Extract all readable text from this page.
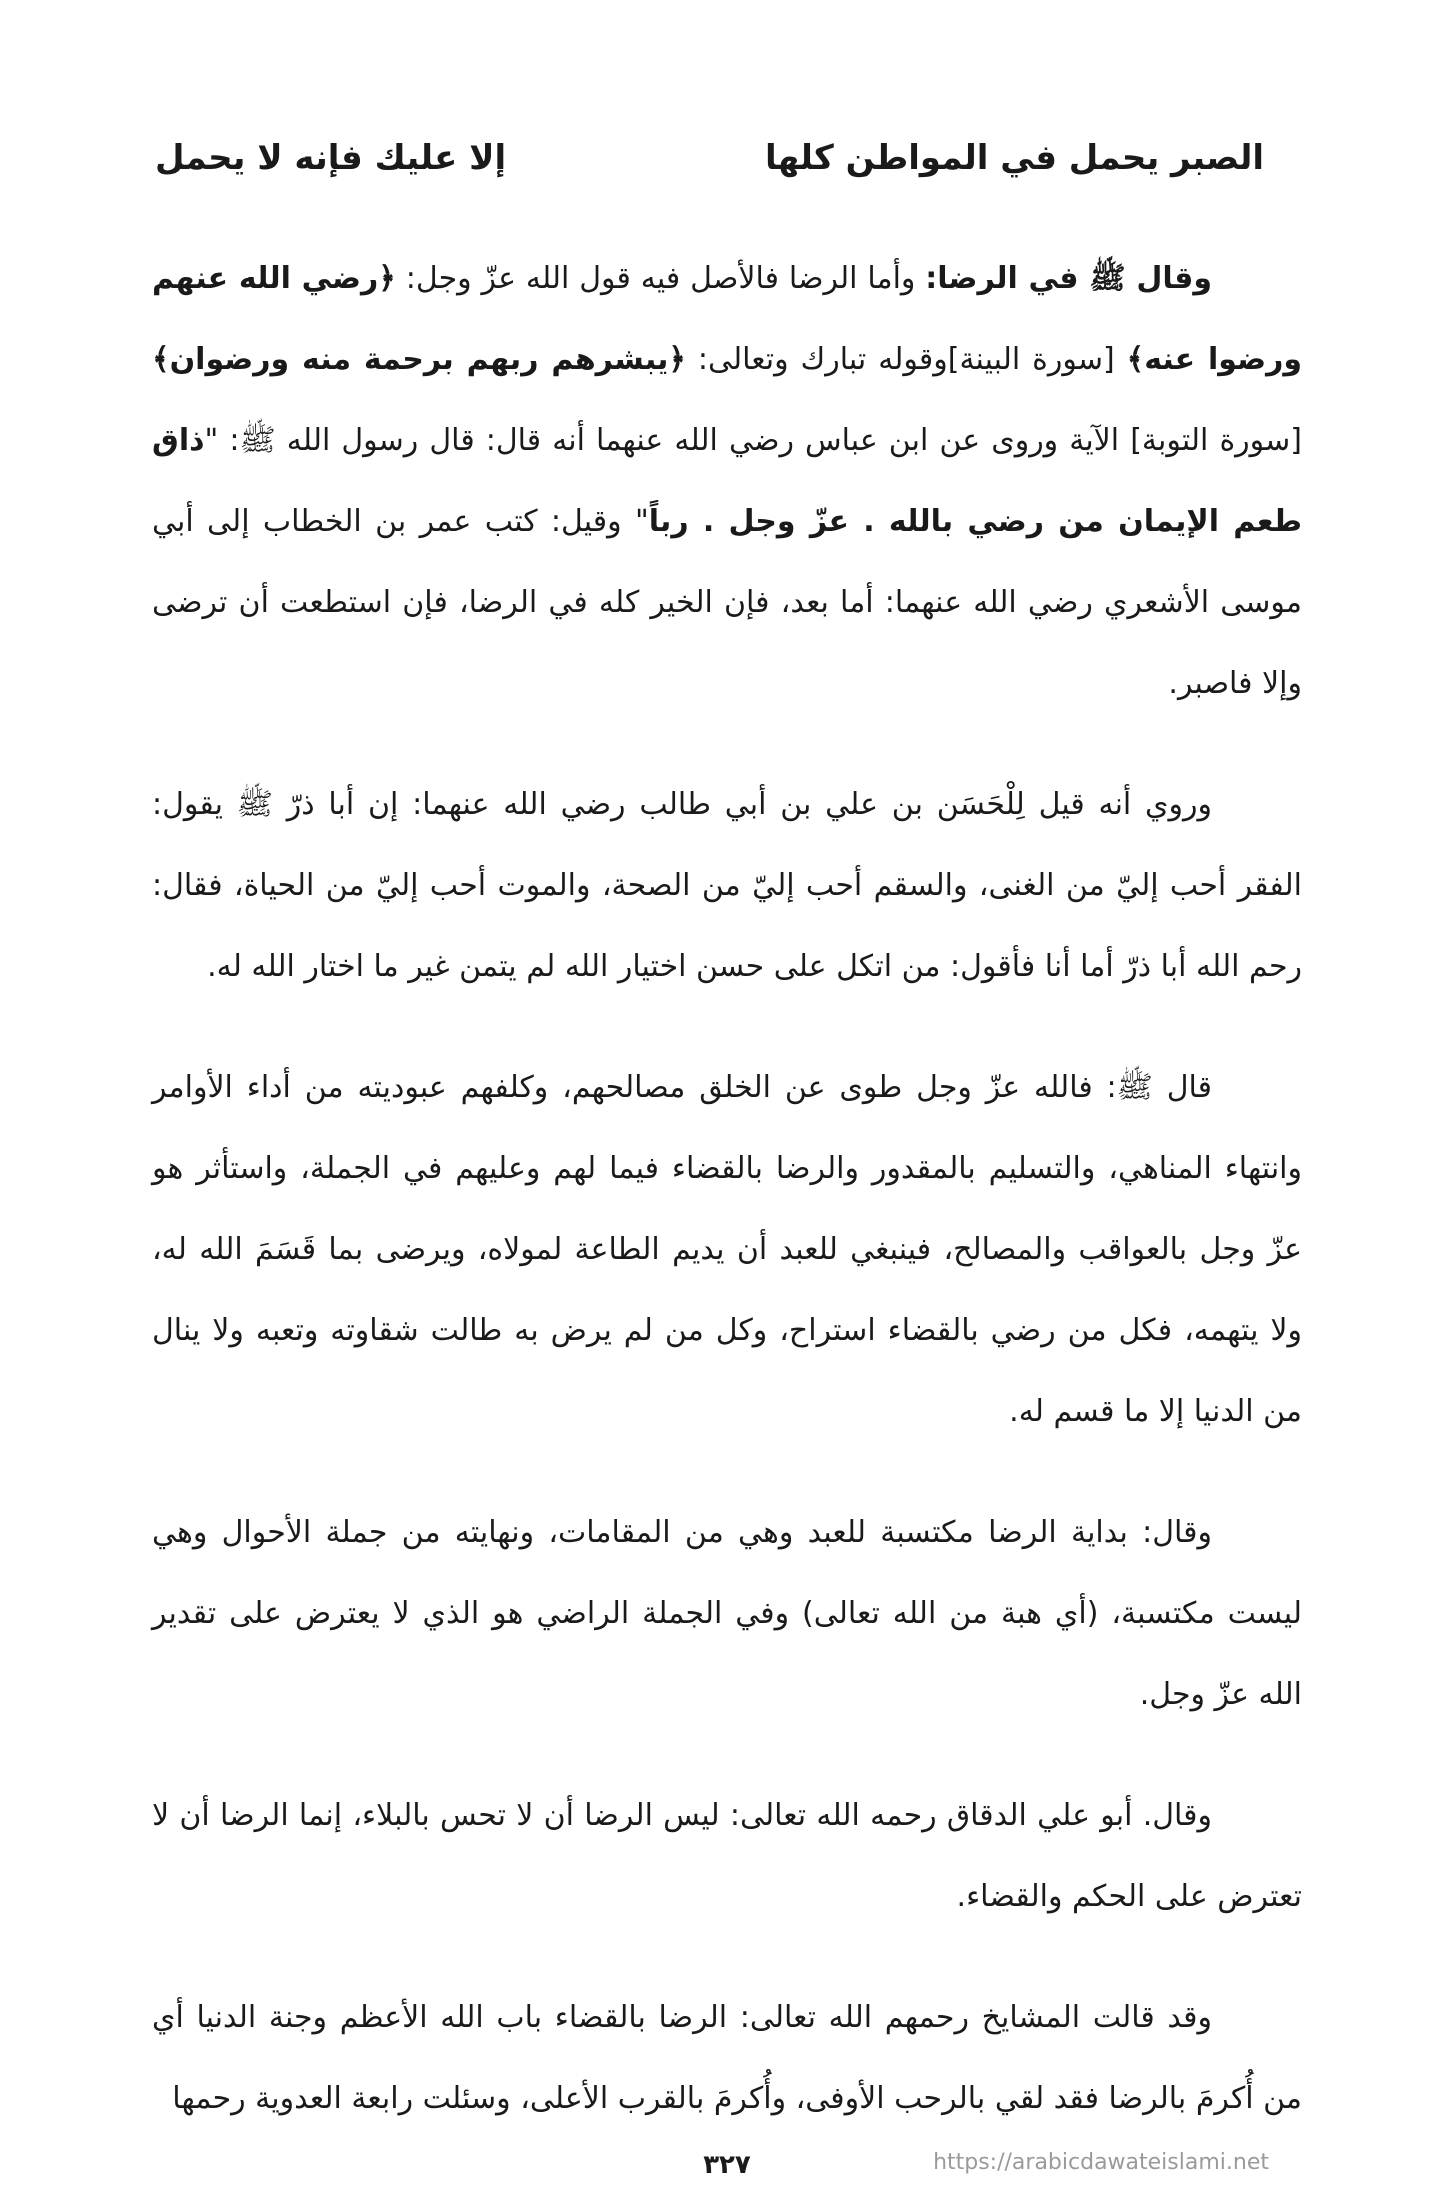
الصبر يحمل في المواطن كلها
إلا عليك فإنه لا يحمل

وقال ﷺ في الرضا: وأما الرضا فالأصل فيه قول الله عزّ وجل: ﴿رضي الله عنهم ورضوا عنه﴾ [سورة البينة]وقوله تبارك وتعالى: ﴿يبشرهم ربهم برحمة منه ورضوان﴾ [سورة التوبة] الآية وروى عن ابن عباس رضي الله عنهما أنه قال: قال رسول الله ﷺ: "ذاق طعم الإيمان من رضي بالله . عزّ وجل . رباً" وقيل: كتب عمر بن الخطاب إلى أبي موسى الأشعري رضي الله عنهما: أما بعد، فإن الخير كله في الرضا، فإن استطعت أن ترضى وإلا فاصبر.

وروي أنه قيل لِلْحَسَن بن علي بن أبي طالب رضي الله عنهما: إن أبا ذرّ ﷺ يقول: الفقر أحب إليّ من الغنى، والسقم أحب إليّ من الصحة، والموت أحب إليّ من الحياة، فقال: رحم الله أبا ذرّ أما أنا فأقول: من اتكل على حسن اختيار الله لم يتمن غير ما اختار الله له.

قال ﷺ: فالله عزّ وجل طوى عن الخلق مصالحهم، وكلفهم عبوديته من أداء الأوامر وانتهاء المناهي، والتسليم بالمقدور والرضا بالقضاء فيما لهم وعليهم في الجملة، واستأثر هو عزّ وجل بالعواقب والمصالح، فينبغي للعبد أن يديم الطاعة لمولاه، ويرضى بما قَسَمَ الله له، ولا يتهمه، فكل من رضي بالقضاء استراح، وكل من لم يرض به طالت شقاوته وتعبه ولا ينال من الدنيا إلا ما قسم له.

وقال: بداية الرضا مكتسبة للعبد وهي من المقامات، ونهايته من جملة الأحوال وهي ليست مكتسبة، (أي هبة من الله تعالى) وفي الجملة الراضي هو الذي لا يعترض على تقدير الله عزّ وجل.

وقال. أبو علي الدقاق رحمه الله تعالى: ليس الرضا أن لا تحس بالبلاء، إنما الرضا أن لا تعترض على الحكم والقضاء.

وقد قالت المشايخ رحمهم الله تعالى: الرضا بالقضاء باب الله الأعظم وجنة الدنيا أي من أُكرمَ بالرضا فقد لقي بالرحب الأوفى، وأُكرمَ بالقرب الأعلى، وسئلت رابعة العدوية رحمها

٣٢٧	https://arabicdawateislami.net
